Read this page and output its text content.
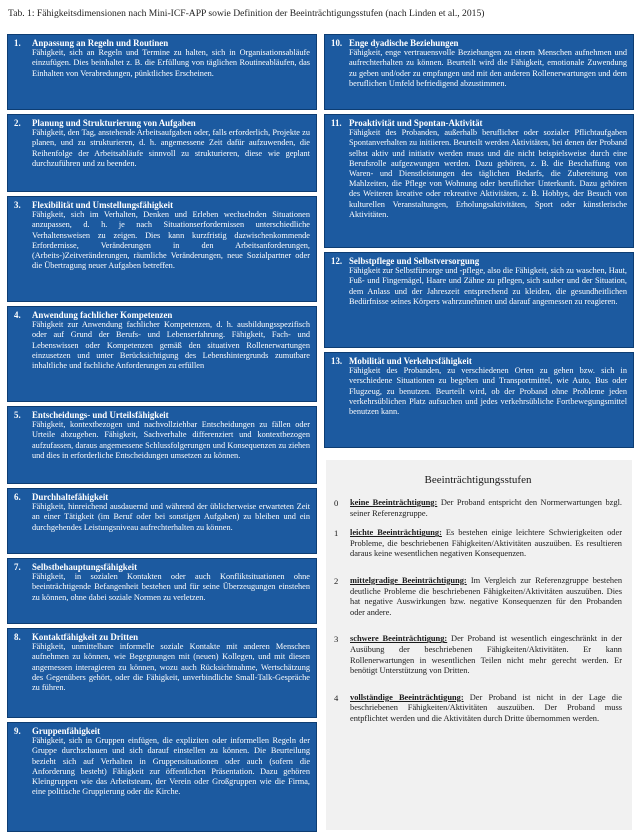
Tab. 1: Fähigkeitsdimensionen nach Mini-ICF-APP sowie Definition der Beeinträchtigungsstufen (nach Linden et al., 2015)
1.	Anpassung an Regeln und Routinen
Fähigkeit, sich an Regeln und Termine zu halten, sich in Organisationsabläufe einzufügen. Dies beinhaltet z. B. die Erfüllung von täglichen Routineabläufen, das Einhalten von Verabredungen, pünktliches Erscheinen.
2.	Planung und Strukturierung von Aufgaben
Fähigkeit, den Tag, anstehende Arbeitsaufgaben oder, falls erforderlich, Projekte zu planen, und zu strukturieren, d. h. angemessene Zeit dafür aufzuwenden, die Reihenfolge der Arbeitsabläufe sinnvoll zu strukturieren, diese wie geplant durchzuführen und zu beenden.
3.	Flexibilität und Umstellungsfähigkeit
Fähigkeit, sich im Verhalten, Denken und Erleben wechselnden Situationen anzupassen, d. h. je nach Situationserfordernissen unterschiedliche Verhaltensweisen zu zeigen. Dies kann kurzfristig dazwischenkommende Erfordernisse, Veränderungen in den Arbeitsanforderungen, (Arbeits-)Zeitveränderungen, räumliche Veränderungen, neue Sozialpartner oder die Übertragung neuer Aufgaben betreffen.
4.	Anwendung fachlicher Kompetenzen
Fähigkeit zur Anwendung fachlicher Kompetenzen, d. h. ausbildungsspezifisch oder auf Grund der Berufs- und Lebenserfahrung. Fähigkeit, Fach- und Lebenswissen oder Kompetenzen gemäß den situativen Rollenerwartungen einzusetzen und unter Berücksichtigung des Lebenshintergrunds zumutbare inhaltliche und fachliche Anforderungen zu erfüllen
5.	Entscheidungs- und Urteilsfähigkeit
Fähigkeit, kontextbezogen und nachvollziehbar Entscheidungen zu fällen oder Urteile abzugeben. Fähigkeit, Sachverhalte differenziert und kontextbezogen aufzufassen, daraus angemessene Schlussfolgerungen und Konsequenzen zu ziehen und dies in erforderliche Entscheidungen umsetzen zu können.
6.	Durchhaltefähigkeit
Fähigkeit, hinreichend ausdauernd und während der üblicherweise erwarteten Zeit an einer Tätigkeit (im Beruf oder bei sonstigen Aufgaben) zu bleiben und ein durchgehendes Leistungsniveau aufrechterhalten zu können.
7.	Selbstbehauptungsfähigkeit
Fähigkeit, in sozialen Kontakten oder auch Konfliktsituationen ohne beeinträchtigende Befangenheit bestehen und für seine Überzeugungen einstehen zu können, ohne dabei soziale Normen zu verletzen.
8.	Kontaktfähigkeit zu Dritten
Fähigkeit, unmittelbare informelle soziale Kontakte mit anderen Menschen aufnehmen zu können, wie Begegnungen mit (neuen) Kollegen, und mit diesen angemessen interagieren zu können, wozu auch Rücksichtnahme, Wertschätzung des Gegenübers gehört, oder die Fähigkeit, unverbindliche Small-Talk-Gespräche zu führen.
9.	Gruppenfähigkeit
Fähigkeit, sich in Gruppen einfügen, die expliziten oder informellen Regeln der Gruppe durchschauen und sich darauf einstellen zu können. Die Beurteilung bezieht sich auf Verhalten in Gruppensituationen oder auch (sofern die Anforderung besteht) Fähigkeit zur öffentlichen Präsentation. Dazu gehören Kleingruppen wie das Arbeitsteam, der Verein oder Großgruppen wie die Firma, eine politische Gruppierung oder die Kirche.
10. Enge dyadische Beziehungen
Fähigkeit, enge vertrauensvolle Beziehungen zu einem Menschen aufnehmen und aufrechterhalten zu können. Beurteilt wird die Fähigkeit, emotionale Zuwendung zu geben und/oder zu empfangen und mit den anderen Rollenerwartungen und dem beruflichen Umfeld befriedigend abzustimmen.
11. Proaktivität und Spontan-Aktivität
Fähigkeit des Probanden, außerhalb beruflicher oder sozialer Pflichtaufgaben Spontanverhalten zu initiieren. Beurteilt werden Aktivitäten, bei denen der Proband selbst aktiv und initiativ werden muss und die nicht beispielsweise durch eine Berufsrolle aufgezwungen werden. Dazu gehören, z. B. die Beschaffung von Waren- und Dienstleistungen des täglichen Bedarfs, die Zubereitung von Mahlzeiten, die Pflege von Wohnung oder beruflicher Unterkunft. Dazu gehören des Weiteren kreative oder rekreative Aktivitäten, z. B. Hobbys, der Besuch von kulturellen Veranstaltungen, Erholungsaktivitäten, Sport oder künstlerische Aktivitäten.
12. Selbstpflege und Selbstversorgung
Fähigkeit zur Selbstfürsorge und -pflege, also die Fähigkeit, sich zu waschen, Haut, Fuß- und Fingernägel, Haare und Zähne zu pflegen, sich sauber und der Situation, dem Anlass und der Jahreszeit entsprechend zu kleiden, die gesundheitlichen Bedürfnisse seines Körpers wahrzunehmen und darauf angemessen zu reagieren.
13. Mobilität und Verkehrsfähigkeit
Fähigkeit des Probanden, zu verschiedenen Orten zu gehen bzw. sich in verschiedene Situationen zu begeben und Transportmittel, wie Auto, Bus oder Flugzeug, zu benutzen. Beurteilt wird, ob der Proband ohne Probleme jeden verkehrsüblichen Platz aufsuchen und jedes verkehrsübliche Fortbewegungsmittel benutzen kann.
Beeinträchtigungsstufen
0	keine Beeinträchtigung: Der Proband entspricht den Normerwartungen bzgl. seiner Referenzgruppe.
1	leichte Beeinträchtigung: Es bestehen einige leichtere Schwierigkeiten oder Probleme, die beschriebenen Fähigkeiten/Aktivitäten auszuüben. Es resultieren daraus keine wesentlichen negativen Konsequenzen.
2	mittelgradige Beeinträchtigung: Im Vergleich zur Referenzgruppe bestehen deutliche Probleme die beschriebenen Fähigkeiten/Aktivitäten auszuüben. Dies hat negative Auswirkungen bzw. negative Konsequenzen für den Probanden oder andere.
3	schwere Beeinträchtigung: Der Proband ist wesentlich eingeschränkt in der Ausübung der beschriebenen Fähigkeiten/Aktivitäten. Er kann Rollenerwartungen in wesentlichen Teilen nicht mehr gerecht werden. Er benötigt Unterstützung von Dritten.
4	vollständige Beeinträchtigung: Der Proband ist nicht in der Lage die beschriebenen Fähigkeiten/Aktivitäten auszuüben. Der Proband muss entpflichtet werden und die Aktivitäten durch Dritte übernommen werden.
